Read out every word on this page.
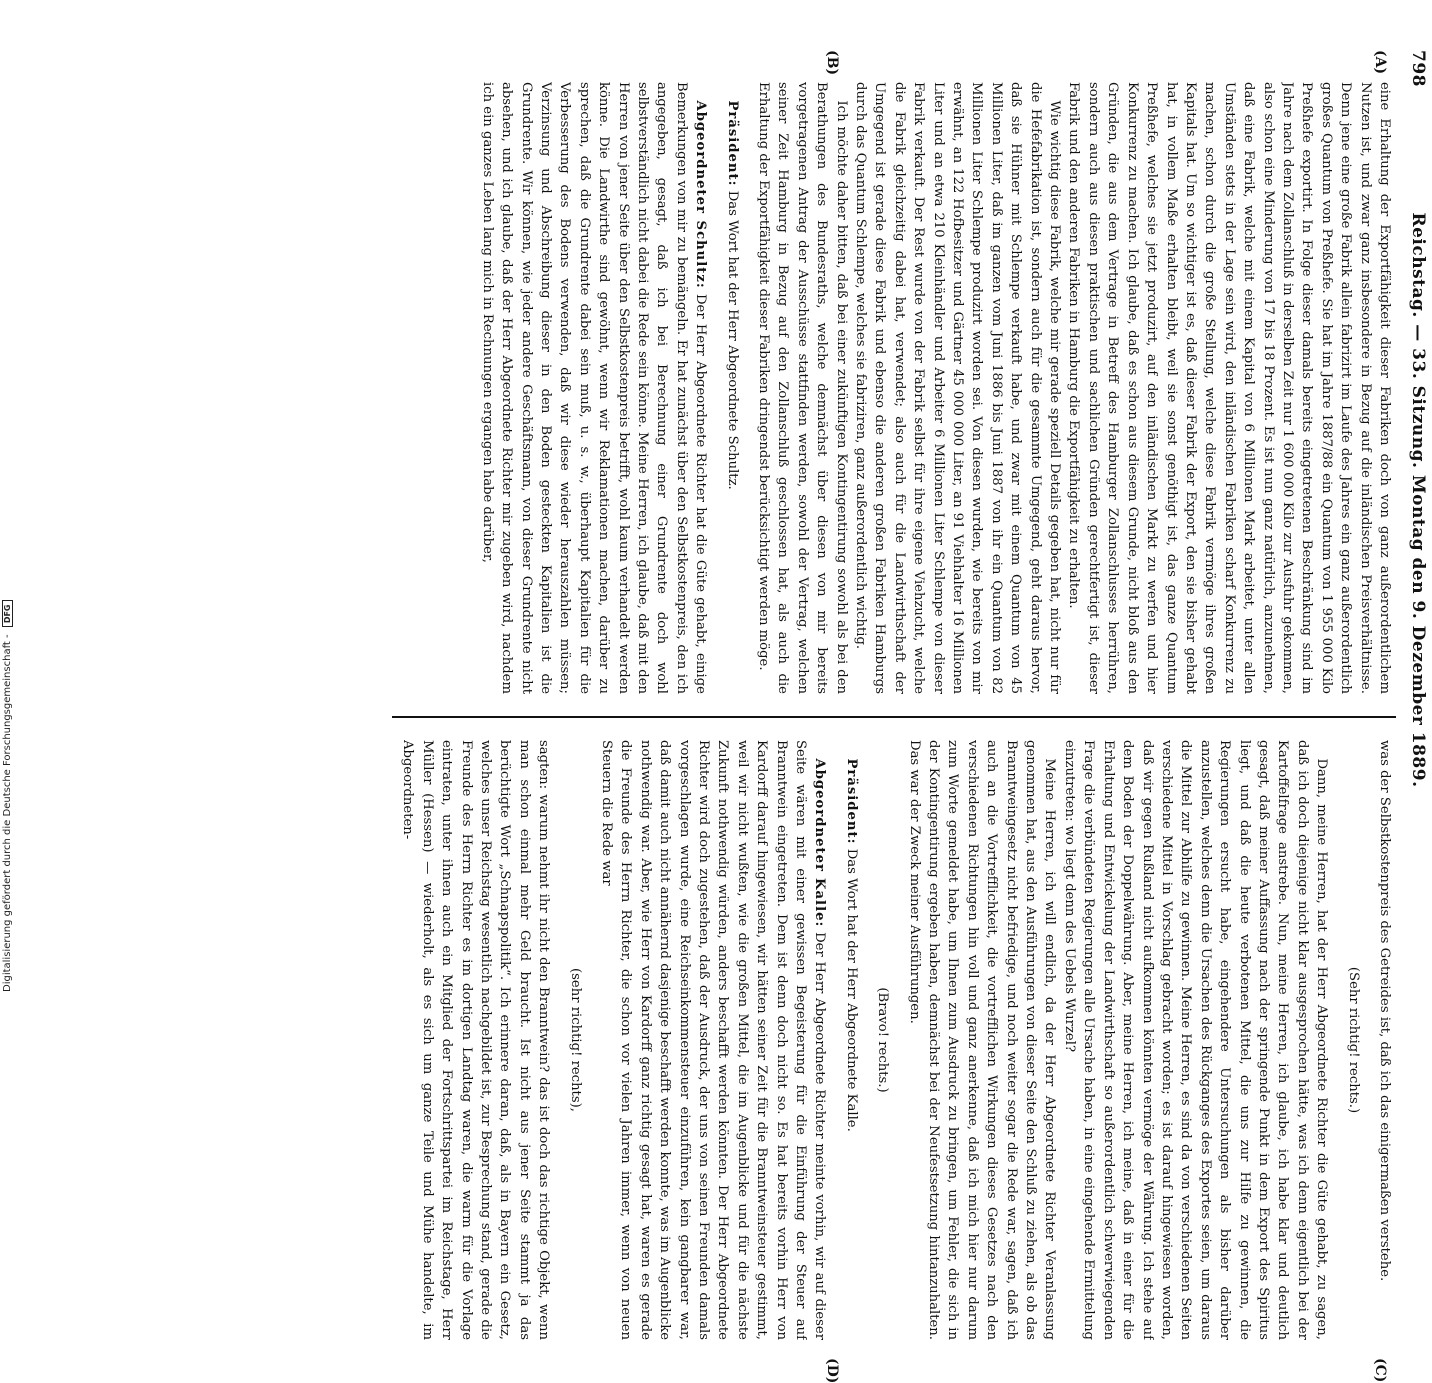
798
Reichstag. — 33. Sitzung. Montag den 9. Dezember 1889.
(A)
(B)
(C)
(D)

eine Erhaltung der Exportfähigkeit dieser Fabriken doch von ganz außerordentlichem Nutzen ist, und zwar ganz insbesondere in Bezug auf die inländischen Preisverhältnisse. Denn jene eine große Fabrik allein fabrizirt im Laufe des Jahres ein ganz außerordentlich großes Quantum von Preßhefe. Sie hat im Jahre 1887/88 ein Quantum von 1 955 000 Kilo Preßhefe exportirt. In Folge dieser damals bereits eingetretenen Beschränkung sind im Jahre nach dem Zollanschluß in derselben Zeit nur 1 600 000 Kilo zur Ausfuhr gekommen, also schon eine Minderung von 17 bis 18 Prozent. Es ist nun ganz natürlich, anzunehmen, daß eine Fabrik, welche mit einem Kapital von 6 Millionen Mark arbeitet, unter allen Umständen stets in der Lage sein wird, den inländischen Fabriken scharf Konkurrenz zu machen, schon durch die große Stellung, welche diese Fabrik vermöge ihres großen Kapitals hat. Um so wichtiger ist es, daß dieser Fabrik der Export, den sie bisher gehabt hat, in vollem Maße erhalten bleibt, weil sie sonst genöthigt ist, das ganze Quantum Preßhefe, welches sie jetzt produzirt, auf den inländischen Markt zu werfen und hier Konkurrenz zu machen. Ich glaube, daß es schon aus diesem Grunde, nicht bloß aus den Gründen, die aus dem Vertrage in Betreff des Hamburger Zollanschlusses herrühren, sondern auch aus diesen praktischen und sachlichen Gründen gerechtfertigt ist, dieser Fabrik und den anderen Fabriken in Hamburg die Exportfähigkeit zu erhalten.

Wie wichtig diese Fabrik, welche mir gerade speziell Details gegeben hat, nicht nur für die Hefefabrikation ist, sondern auch für die gesammte Umgegend, geht daraus hervor, daß sie Hühner mit Schlempe verkauft habe, und zwar mit einem Quantum von 45 Millionen Liter, daß im ganzen vom Juni 1886 bis Juni 1887 von ihr ein Quantum von 82 Millionen Liter Schlempe produzirt worden sei. Von diesen wurden, wie bereits von mir erwähnt, an 122 Hofbesitzer und Gärtner 45 000 000 Liter, an 91 Viehhalter 16 Millionen Liter und an etwa 210 Kleinhändler und Arbeiter 6 Millionen Liter Schlempe von dieser Fabrik verkauft. Der Rest wurde von der Fabrik selbst für ihre eigene Viehzucht, welche die Fabrik gleichzeitig dabei hat, verwendet; also auch für die Landwirthschaft der Umgegend ist gerade diese Fabrik und ebenso die anderen großen Fabriken Hamburgs durch das Quantum Schlempe, welches sie fabriziren, ganz außerordentlich wichtig.

Ich möchte daher bitten, daß bei einer zukünftigen Kontingentirung sowohl als bei den Berathungen des Bundesraths, welche demnächst über diesen von mir bereits vorgetragenen Antrag der Ausschüsse stattfinden werden, sowohl der Vertrag, welchen seiner Zeit Hamburg in Bezug auf den Zollanschluß geschlossen hat, als auch die Erhaltung der Exportfähigkeit dieser Fabriken dringendst berücksichtigt werden möge.

Präsident: Das Wort hat der Herr Abgeordnete Schultz.

Abgeordneter Schultz: Der Herr Abgeordnete Richter hat die Güte gehabt, einige Bemerkungen von mir zu bemängeln. Er hat zunächst über den Selbstkostenpreis, den ich angegeben, gesagt, daß ich bei Berechnung einer Grundrente doch wohl selbstverständlich nicht dabei die Rede sein könne. Meine Herren, ich glaube, daß mit den Herren von jener Seite über den Selbstkostenpreis betrifft, wohl kaum verhandelt werden könne. Die Landwirthe sind gewöhnt, wenn wir Reklamationen machen, darüber zu sprechen, daß die Grundrente dabei sein muß, u. s. w., überhaupt Kapitalien für die Verbesserung des Bodens verwenden, daß wir diese wieder herauszahlen müssen; Verzinsung und Abschreibung dieser in den Boden gesteckten Kapitalien ist die Grundrente. Wir können, wie jeder andere Geschäftsmann, von dieser Grundrente nicht absehen, und ich glaube, daß der Herr Abgeordnete Richter mir zugeben wird, nachdem ich ein ganzes Leben lang mich in Rechnungen ergangen habe darüber,

was der Selbstkostenpreis des Getreides ist, daß ich das einigermaßen verstehe.

(Sehr richtig! rechts.)

Dann, meine Herren, hat der Herr Abgeordnete Richter die Güte gehabt, zu sagen, daß ich doch diejenige nicht klar ausgesprochen hätte, was ich denn eigentlich bei der Kartoffelfrage anstrebe. Nun, meine Herren, ich glaube, ich habe klar und deutlich gesagt, daß meiner Auffassung nach der springende Punkt in dem Export des Spiritus liegt, und daß die heute verbotenen Mittel, die uns zur Hilfe zu gewinnen, die Regierungen ersucht habe, eingehendere Untersuchungen als bisher darüber anzustellen, welches denn die Ursachen des Rückganges des Exportes seien, um daraus die Mittel zur Abhilfe zu gewinnen. Meine Herren, es sind da von verschiedenen Seiten verschiedene Mittel in Vorschlag gebracht worden; es ist darauf hingewiesen worden, daß wir gegen Rußland nicht aufkommen könnten vermöge der Währung. Ich stehe auf dem Boden der Doppelwährung. Aber, meine Herren, ich meine, daß in einer für die Erhaltung und Entwickelung der Landwirthschaft so außerordentlich schwerwiegenden Frage die verbündeten Regierungen alle Ursache haben, in eine eingehende Ermittelung einzutreten: wo liegt denn des Uebels Wurzel?

Meine Herren, ich will endlich, da der Herr Abgeordnete Richter Veranlassung genommen hat, aus den Ausführungen von dieser Seite den Schluß zu ziehen, als ob das Branntweingesetz nicht befriedige, und noch weiter sogar die Rede war, sagen, daß ich auch an die Vortrefflichkeit, die vortrefflichen Wirkungen dieses Gesetzes nach den verschiedenen Richtungen hin voll und ganz anerkenne, daß ich mich hier nur darum zum Worte gemeldet habe, um Ihnen zum Ausdruck zu bringen, um Fehler, die sich in der Kontingentirung ergeben haben, demnächst bei der Neufestsetzung hintanzuhalten. Das war der Zweck meiner Ausführungen.

(Bravo! rechts.)

Präsident: Das Wort hat der Herr Abgeordnete Kalle.

Abgeordneter Kalle: Der Herr Abgeordnete Richter meinte vorhin, wir auf dieser Seite wären mit einer gewissen Begeisterung für die Einführung der Steuer auf Branntwein eingetreten. Dem ist denn doch nicht so. Es hat bereits vorhin Herr von Kardorff darauf hingewiesen, wir hätten seiner Zeit für die Branntweinsteuer gestimmt, weil wir nicht wußten, wie die großen Mittel, die im Augenblicke und für die nächste Zukunft nothwendig würden, anders beschafft werden könnten. Der Herr Abgeordnete Richter wird doch zugestehen, daß der Ausdruck, der uns von seinen Freunden damals vorgeschlagen wurde, eine Reichseinkommensteuer einzuführen, kein gangbarer war, daß damit auch nicht annähernd dasjenige beschafft werden konnte, was im Augenblicke nothwendig war. Aber, wie Herr von Kardorff ganz richtig gesagt hat, waren es gerade die Freunde des Herrn Richter, die schon vor vielen Jahren immer, wenn von neuen Steuern die Rede war

(sehr richtig! rechts),

sagten: warum nehmt ihr nicht den Branntwein? das ist doch das richtige Objekt, wenn man schon einmal mehr Geld braucht. Ist nicht aus jener Seite stammt ja das berüchtigte Wort „Schnapspolitik“. Ich erinnere daran, daß, als in Bayern ein Gesetz, welches unser Reichstag wesentlich nachgebildet ist, zur Besprechung stand, gerade die Freunde des Herrn Richter es im dortigen Landtag waren, die warm für die Vorlage eintraten, unter ihnen auch ein Mitglied der Fortschrittspartei im Reichstage, Herr Müller (Hessen) — wiederholt, als es sich um ganze Teile und Mühe handelte, im Abgeordneten-

Digitalisierung gefördert durch die Deutsche Forschungsgemeinschaft - DFG
